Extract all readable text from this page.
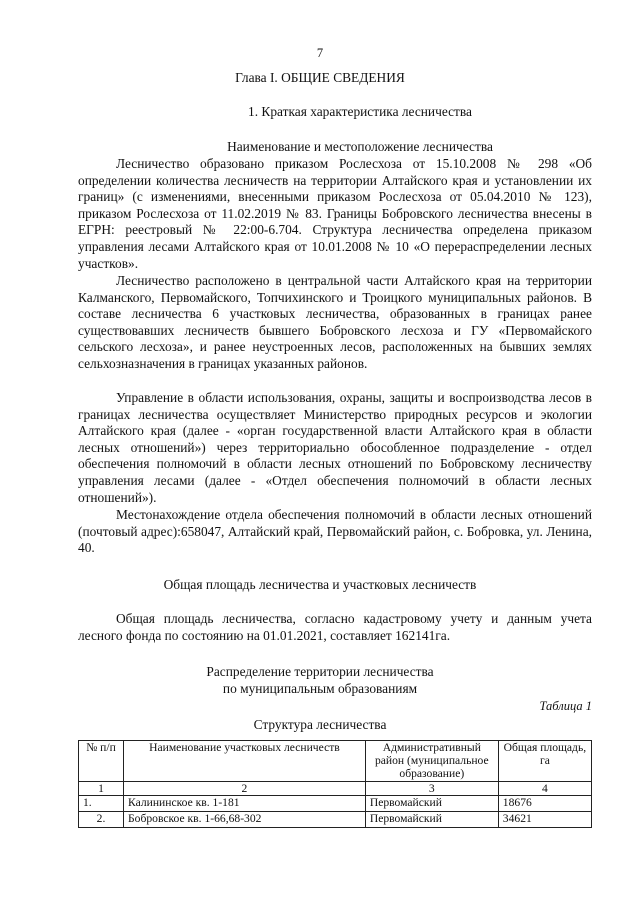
7
Глава I. ОБЩИЕ СВЕДЕНИЯ
1. Краткая характеристика лесничества
Наименование и местоположение лесничества
Лесничество образовано приказом Рослесхоза от 15.10.2008 № 298 «Об определении количества лесничеств на территории Алтайского края и установлении их границ» (с изменениями, внесенными приказом Рослесхоза от 05.04.2010 № 123), приказом Рослесхоза от 11.02.2019 № 83. Границы Бобровского лесничества внесены в ЕГРН: реестровый № 22:00-6.704. Структура лесничества определена приказом управления лесами Алтайского края от 10.01.2008 № 10 «О перераспределении лесных участков».
Лесничество расположено в центральной части Алтайского края на территории Калманского, Первомайского, Топчихинского и Троицкого муниципальных районов. В составе лесничества 6 участковых лесничества, образованных в границах ранее существовавших лесничеств бывшего Бобровского лесхоза и ГУ «Первомайского сельского лесхоза», и ранее неустроенных лесов, расположенных на бывших землях сельхозназначения в границах указанных районов.
Управление в области использования, охраны, защиты и воспроизводства лесов в границах лесничества осуществляет Министерство природных ресурсов и экологии Алтайского края (далее - «орган государственной власти Алтайского края в области лесных отношений») через территориально обособленное подразделение - отдел обеспечения полномочий в области лесных отношений по Бобровскому лесничеству управления лесами (далее - «Отдел обеспечения полномочий в области лесных отношений»).
Местонахождение отдела обеспечения полномочий в области лесных отношений (почтовый адрес):658047, Алтайский край, Первомайский район, с. Бобровка, ул. Ленина, 40.
Общая площадь лесничества и участковых лесничеств
Общая площадь лесничества, согласно кадастровому учету и данным учета лесного фонда по состоянию на 01.01.2021, составляет 162141га.
Распределение территории лесничества
по муниципальным образованиям
Таблица 1
Структура лесничества
№ п/п	Наименование участковых лесничеств	Административный район (муниципальное образование)	Общая площадь, га
1	2	3	4
1.	Калининское кв. 1-181	Первомайский	18676
2.	Бобровское кв. 1-66,68-302	Первомайский	34621
